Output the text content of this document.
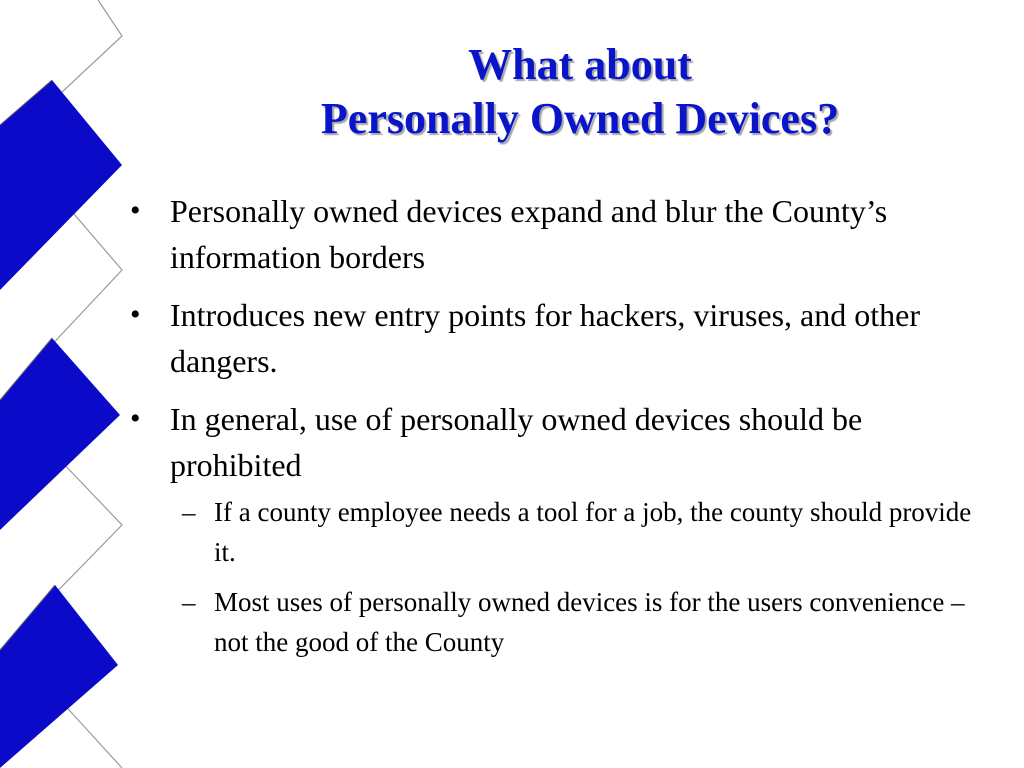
What about
Personally Owned Devices?
• Personally owned devices expand and blur the County’s information borders
• Introduces new entry points for hackers, viruses, and other dangers.
• In general, use of personally owned devices should be prohibited
– If a county employee needs a tool for a job, the county should provide it.
– Most uses of personally owned devices is for the users convenience – not the good of the County
